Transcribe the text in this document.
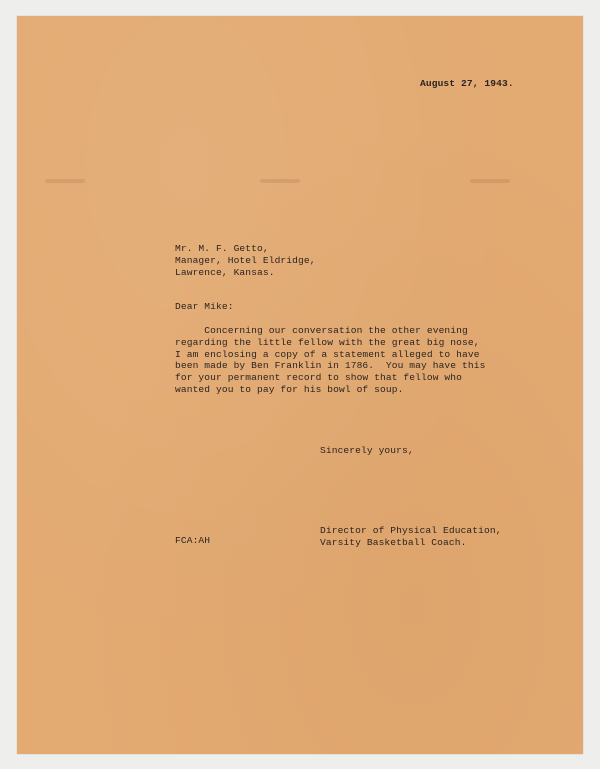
August 27, 1943.
Mr. M. F. Getto,
Manager, Hotel Eldridge,
Lawrence, Kansas.
Dear Mike:
Concerning our conversation the other evening
regarding the little fellow with the great big nose,
I am enclosing a copy of a statement alleged to have
been made by Ben Franklin in 1786.  You may have this
for your permanent record to show that fellow who
wanted you to pay for his bowl of soup.
Sincerely yours,
Director of Physical Education,
Varsity Basketball Coach.
FCA:AH
